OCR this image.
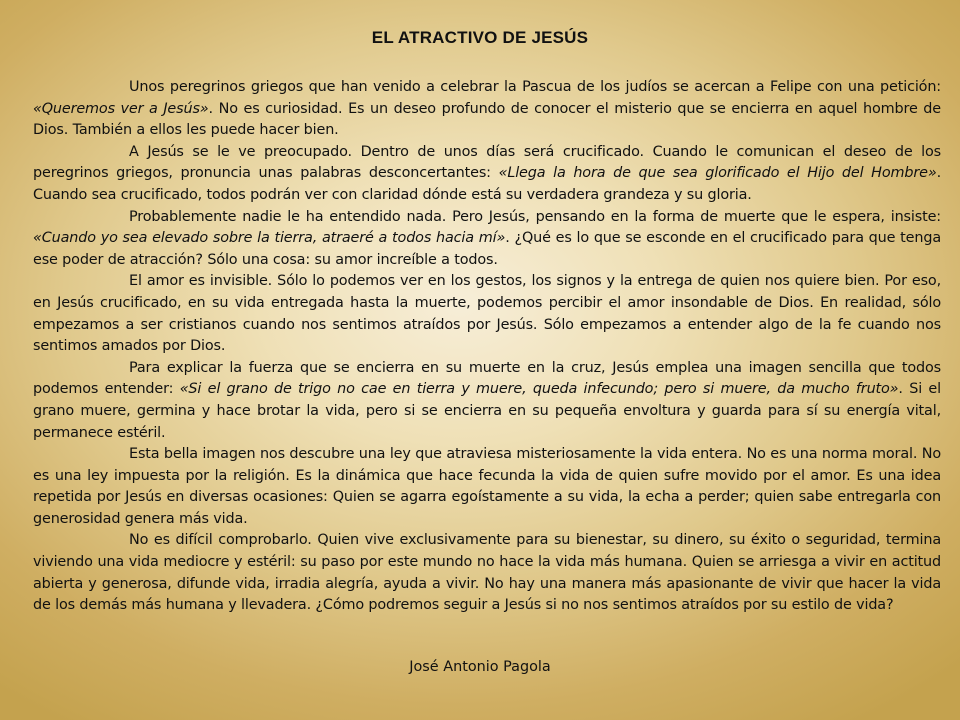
EL ATRACTIVO DE JESÚS

Unos peregrinos griegos que han venido a celebrar la Pascua de los judíos se acercan a Felipe con una petición: «Queremos ver a Jesús». No es curiosidad. Es un deseo profundo de conocer el misterio que se encierra en aquel hombre de Dios. También a ellos les puede hacer bien.

A Jesús se le ve preocupado. Dentro de unos días será crucificado. Cuando le comunican el deseo de los peregrinos griegos, pronuncia unas palabras desconcertantes: «Llega la hora de que sea glorificado el Hijo del Hombre». Cuando sea crucificado, todos podrán ver con claridad dónde está su verdadera grandeza y su gloria.

Probablemente nadie le ha entendido nada. Pero Jesús, pensando en la forma de muerte que le espera, insiste: «Cuando yo sea elevado sobre la tierra, atraeré a todos hacia mí». ¿Qué es lo que se esconde en el crucificado para que tenga ese poder de atracción? Sólo una cosa: su amor increíble a todos.

El amor es invisible. Sólo lo podemos ver en los gestos, los signos y la entrega de quien nos quiere bien. Por eso, en Jesús crucificado, en su vida entregada hasta la muerte, podemos percibir el amor insondable de Dios. En realidad, sólo empezamos a ser cristianos cuando nos sentimos atraídos por Jesús. Sólo empezamos a entender algo de la fe cuando nos sentimos amados por Dios.

Para explicar la fuerza que se encierra en su muerte en la cruz, Jesús emplea una imagen sencilla que todos podemos entender: «Si el grano de trigo no cae en tierra y muere, queda infecundo; pero si muere, da mucho fruto». Si el grano muere, germina y hace brotar la vida, pero si se encierra en su pequeña envoltura y guarda para sí su energía vital, permanece estéril.

Esta bella imagen nos descubre una ley que atraviesa misteriosamente la vida entera. No es una norma moral. No es una ley impuesta por la religión. Es la dinámica que hace fecunda la vida de quien sufre movido por el amor. Es una idea repetida por Jesús en diversas ocasiones: Quien se agarra egoístamente a su vida, la echa a perder; quien sabe entregarla con generosidad genera más vida.

No es difícil comprobarlo. Quien vive exclusivamente para su bienestar, su dinero, su éxito o seguridad, termina viviendo una vida mediocre y estéril: su paso por este mundo no hace la vida más humana. Quien se arriesga a vivir en actitud abierta y generosa, difunde vida, irradia alegría, ayuda a vivir. No hay una manera más apasionante de vivir que hacer la vida de los demás más humana y llevadera. ¿Cómo podremos seguir a Jesús si no nos sentimos atraídos por su estilo de vida?

José Antonio Pagola
